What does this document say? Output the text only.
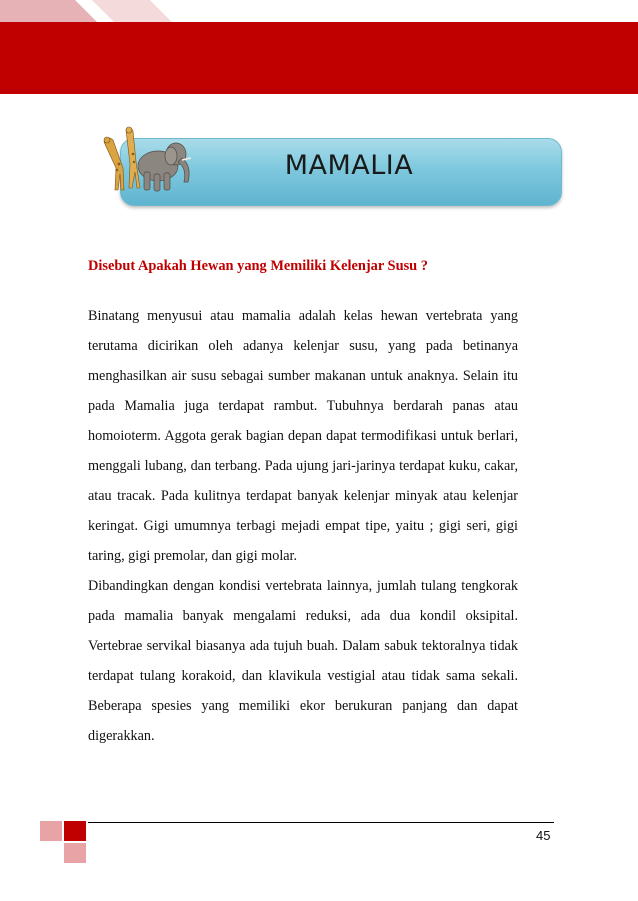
MAMALIA
Disebut Apakah Hewan yang Memiliki Kelenjar Susu ?

Binatang menyusui atau mamalia adalah kelas hewan vertebrata yang terutama dicirikan oleh adanya kelenjar susu, yang pada betinanya menghasilkan air susu sebagai sumber makanan untuk anaknya. Selain itu pada Mamalia juga terdapat rambut. Tubuhnya berdarah panas atau homoioterm. Aggota gerak bagian depan dapat termodifikasi untuk berlari, menggali lubang, dan terbang. Pada ujung jari-jarinya terdapat kuku, cakar, atau tracak. Pada kulitnya terdapat banyak kelenjar minyak atau kelenjar keringat. Gigi umumnya terbagi mejadi empat tipe, yaitu ; gigi seri, gigi taring, gigi premolar, dan gigi molar.

Dibandingkan dengan kondisi vertebrata lainnya, jumlah tulang tengkorak pada mamalia banyak mengalami reduksi, ada dua kondil oksipital. Vertebrae servikal biasanya ada tujuh buah. Dalam sabuk tektoralnya tidak terdapat tulang korakoid, dan klavikula vestigial atau tidak sama sekali. Beberapa spesies yang memiliki ekor berukuran panjang dan dapat digerakkan.

45
